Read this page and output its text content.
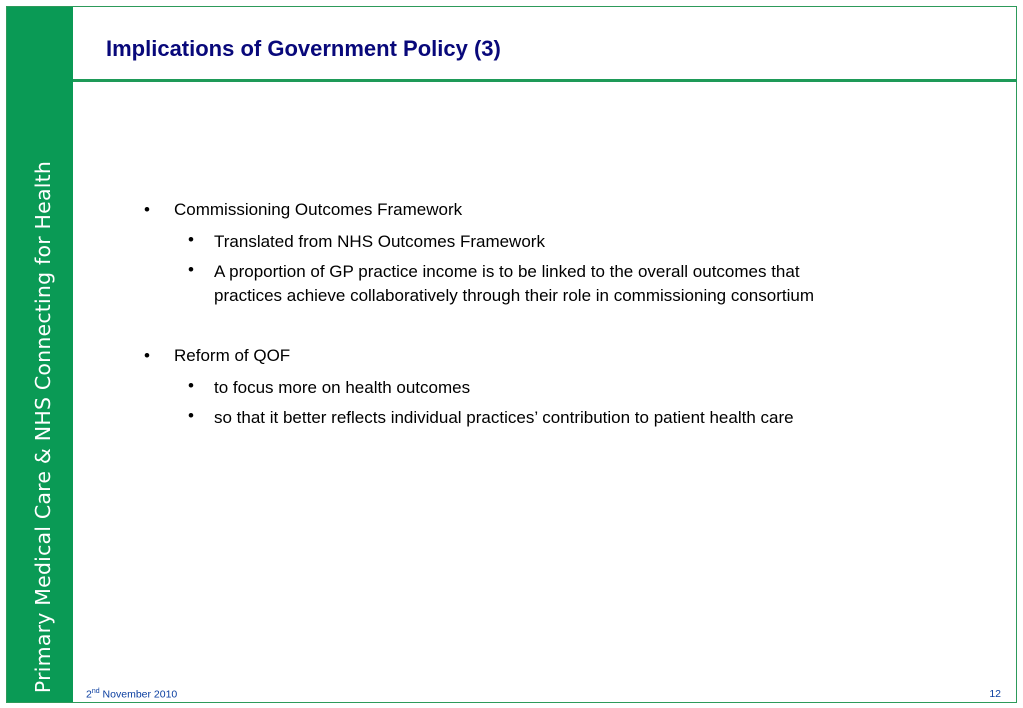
Primary Medical Care & NHS Connecting for Health
Implications of Government Policy (3)
• Commissioning Outcomes Framework
• Translated from NHS Outcomes Framework
• A proportion of GP practice income is to be linked to the overall outcomes that
practices achieve collaboratively through their role in commissioning consortium
• Reform of QOF
• to focus more on health outcomes
• so that it better reflects individual practices’ contribution to patient health care
2nd November 2010	12
